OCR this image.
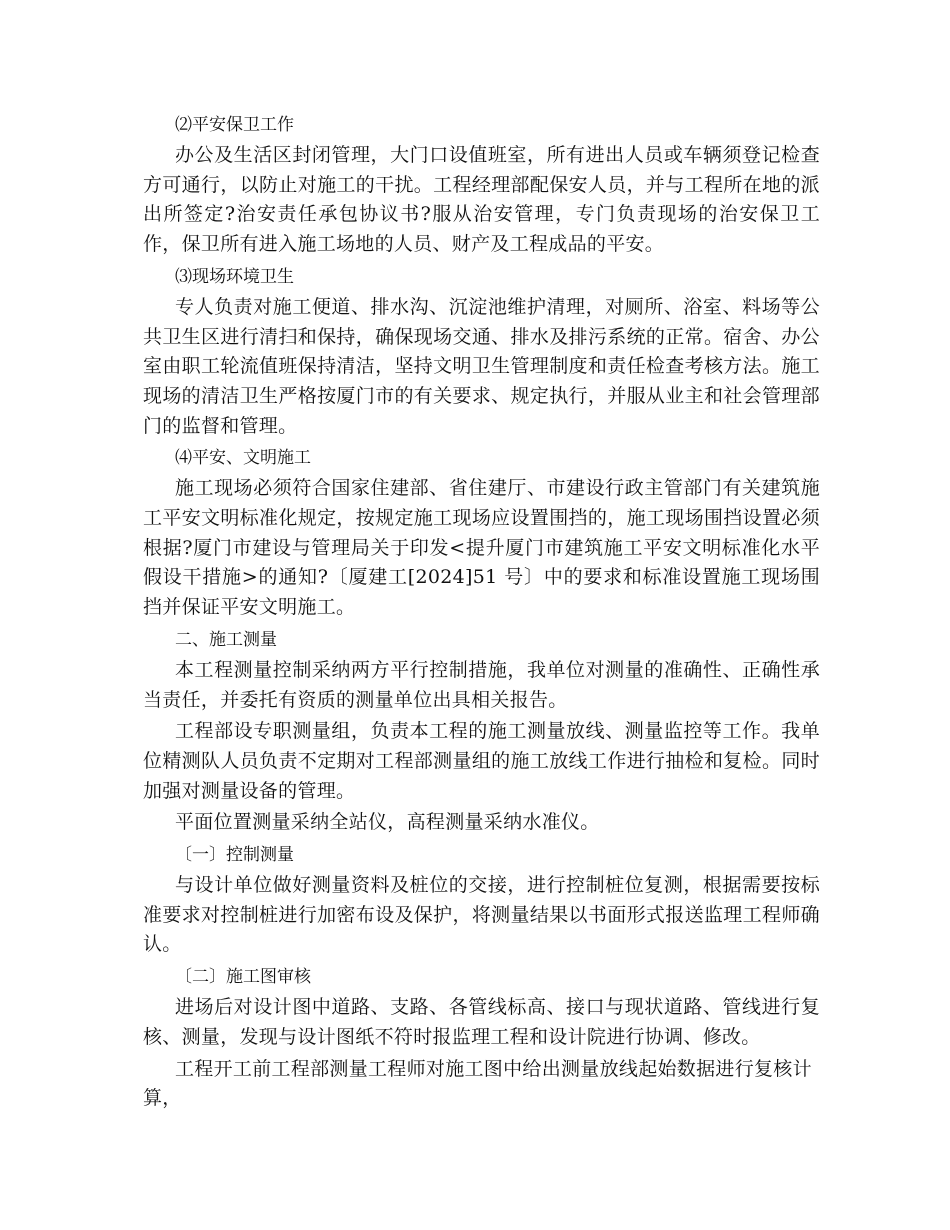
⑵平安保卫工作

办公及生活区封闭管理，大门口设值班室，所有进出人员或车辆须登记检查方可通行，以防止对施工的干扰。工程经理部配保安人员，并与工程所在地的派出所签定?治安责任承包协议书?服从治安管理，专门负责现场的治安保卫工作，保卫所有进入施工场地的人员、财产及工程成品的平安。

⑶现场环境卫生

专人负责对施工便道、排水沟、沉淀池维护清理，对厕所、浴室、料场等公共卫生区进行清扫和保持，确保现场交通、排水及排污系统的正常。宿舍、办公室由职工轮流值班保持清洁，坚持文明卫生管理制度和责任检查考核方法。施工现场的清洁卫生严格按厦门市的有关要求、规定执行，并服从业主和社会管理部门的监督和管理。

⑷平安、文明施工

施工现场必须符合国家住建部、省住建厅、市建设行政主管部门有关建筑施工平安文明标准化规定，按规定施工现场应设置围挡的，施工现场围挡设置必须根据?厦门市建设与管理局关于印发<提升厦门市建筑施工平安文明标准化水平假设干措施>的通知?〔厦建工[2024]51 号〕中的要求和标准设置施工现场围挡并保证平安文明施工。

二、施工测量

本工程测量控制采纳两方平行控制措施，我单位对测量的准确性、正确性承当责任，并委托有资质的测量单位出具相关报告。

工程部设专职测量组，负责本工程的施工测量放线、测量监控等工作。我单位精测队人员负责不定期对工程部测量组的施工放线工作进行抽检和复检。同时加强对测量设备的管理。

平面位置测量采纳全站仪，高程测量采纳水准仪。

〔一〕控制测量

与设计单位做好测量资料及桩位的交接，进行控制桩位复测，根据需要按标准要求对控制桩进行加密布设及保护，将测量结果以书面形式报送监理工程师确认。

〔二〕施工图审核

进场后对设计图中道路、支路、各管线标高、接口与现状道路、管线进行复核、测量，发现与设计图纸不符时报监理工程和设计院进行协调、修改。

工程开工前工程部测量工程师对施工图中给出测量放线起始数据进行复核计算，
